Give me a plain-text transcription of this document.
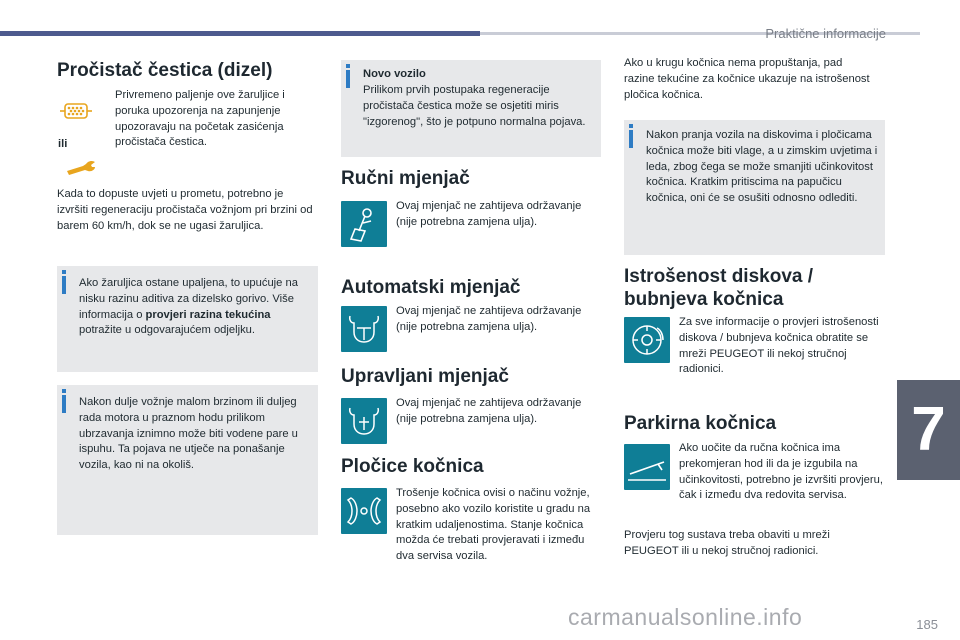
Praktične informacije
7
Pročistač čestica (dizel)
ili
Privremeno paljenje ove žaruljice i poruka upozorenja na zapunjenje upozoravaju na početak zasićenja pročistača čestica.
Kada to dopuste uvjeti u prometu, potrebno je izvršiti regeneraciju pročistača vožnjom pri brzini od barem 60 km/h, dok se ne ugasi žaruljica.
Ako žaruljica ostane upaljena, to upućuje na nisku razinu aditiva za dizelsko gorivo. Više informacija o provjeri razina tekućina potražite u odgovarajućem odjeljku.
Nakon dulje vožnje malom brzinom ili duljeg rada motora u praznom hodu prilikom ubrzavanja iznimno može biti vodene pare u ispuhu. Ta pojava ne utječe na ponašanje vozila, kao ni na okoliš.
Novo vozilo
Prilikom prvih postupaka regeneracije pročistača čestica može se osjetiti miris "izgorenog", što je potpuno normalna pojava.
Ručni mjenjač
Ovaj mjenjač ne zahtijeva održavanje (nije potrebna zamjena ulja).
Automatski mjenjač
Ovaj mjenjač ne zahtijeva održavanje (nije potrebna zamjena ulja).
Upravljani mjenjač
Ovaj mjenjač ne zahtijeva održavanje (nije potrebna zamjena ulja).
Pločice kočnica
Trošenje kočnica ovisi o načinu vožnje, posebno ako vozilo koristite u gradu na kratkim udaljenostima. Stanje kočnica možda će trebati provjeravati i između dva servisa vozila.
Ako u krugu kočnica nema propuštanja, pad razine tekućine za kočnice ukazuje na istrošenost pločica kočnica.
Nakon pranja vozila na diskovima i pločicama kočnica može biti vlage, a u zimskim uvjetima i leda, zbog čega se može smanjiti učinkovitost kočnica. Kratkim pritiscima na papučicu kočnica, oni će se osušiti odnosno odlediti.
Istrošenost diskova / bubnjeva kočnica
Za sve informacije o provjeri istrošenosti diskova / bubnjeva kočnica obratite se mreži PEUGEOT ili nekoj stručnoj radionici.
Parkirna kočnica
Ako uočite da ručna kočnica ima prekomjeran hod ili da je izgubila na učinkovitosti, potrebno je izvršiti provjeru, čak i između dva redovita servisa.
Provjeru tog sustava treba obaviti u mreži PEUGEOT ili u nekoj stručnoj radionici.
carmanualsonline.info	185
